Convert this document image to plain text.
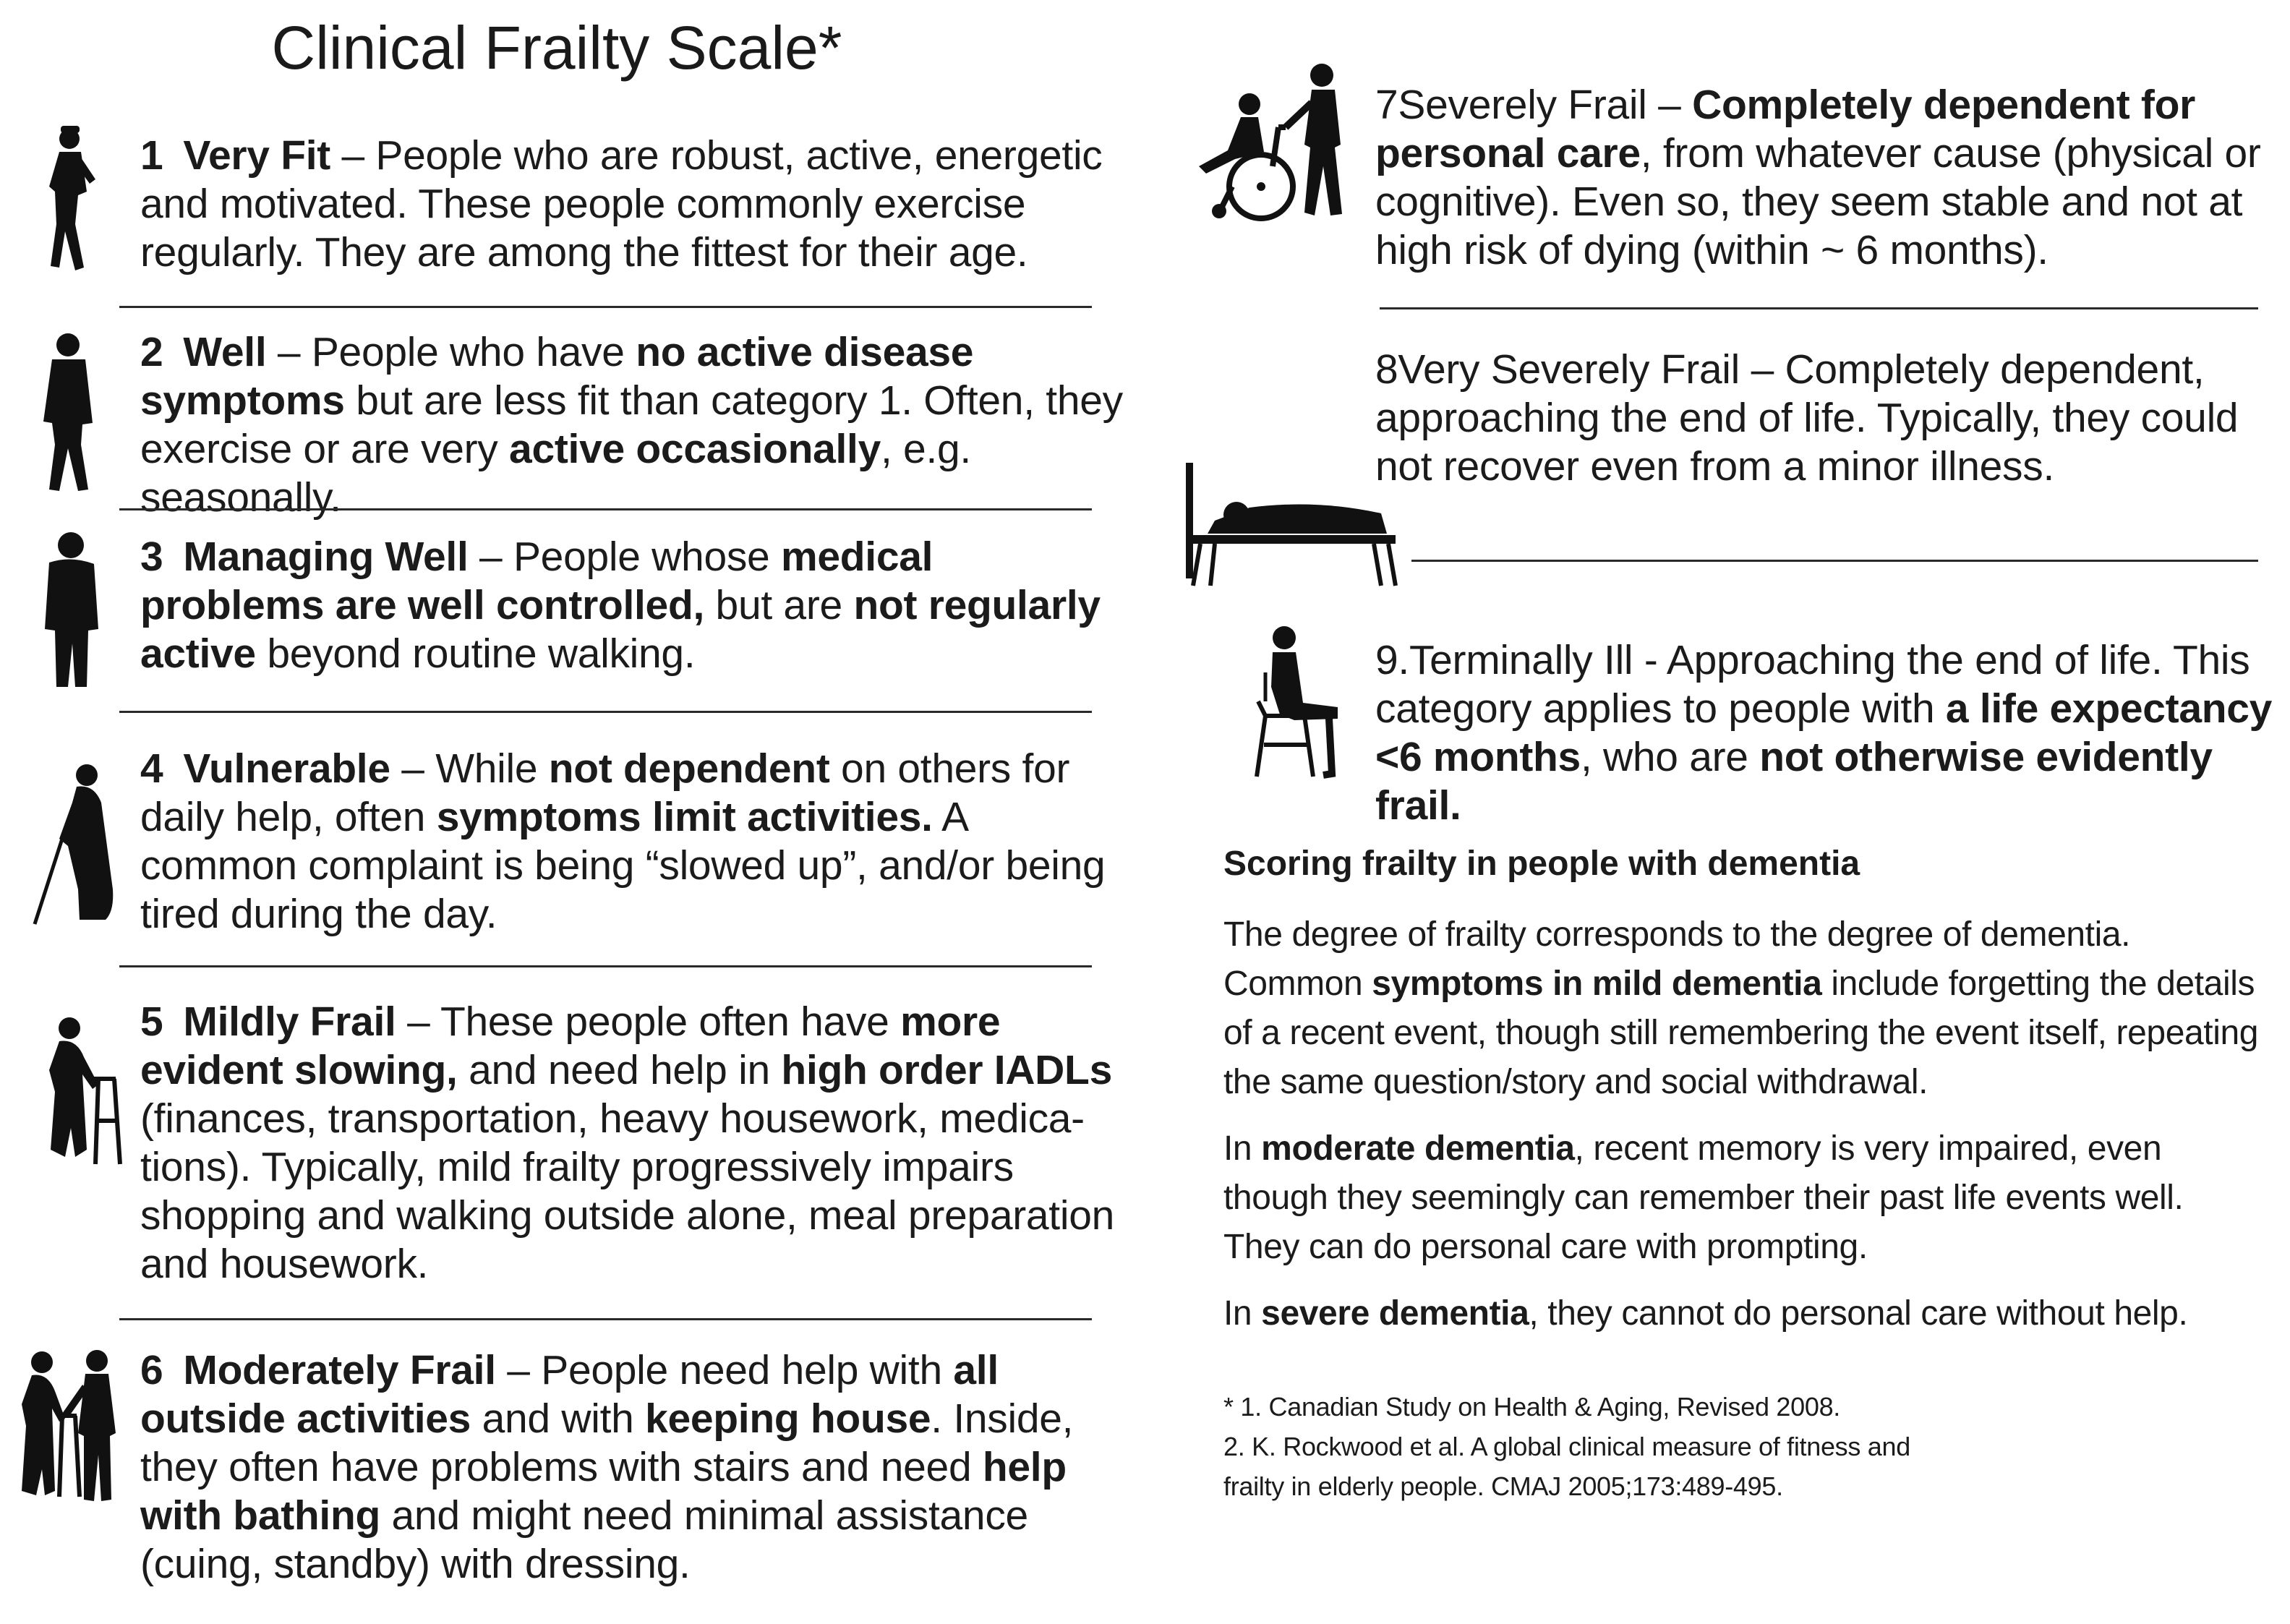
Clinical Frailty Scale*
1 Very Fit – People who are robust, active, energetic and motivated. These people commonly exercise regularly. They are among the fittest for their age.
2 Well – People who have no active disease symptoms but are less fit than category 1. Often, they exercise or are very active occasionally, e.g. seasonally.
3 Managing Well – People whose medical problems are well controlled, but are not regularly active beyond routine walking.
4 Vulnerable – While not dependent on others for daily help, often symptoms limit activities. A common complaint is being “slowed up”, and/or being tired during the day.
5 Mildly Frail – These people often have more evident slowing, and need help in high order IADLs (finances, transportation, heavy housework, medica-tions). Typically, mild frailty progressively impairs shopping and walking outside alone, meal preparation and housework.
6 Moderately Frail – People need help with all outside activities and with keeping house. Inside, they often have problems with stairs and need help with bathing and might need minimal assistance (cuing, standby) with dressing.
7Severely Frail – Completely dependent for personal care, from whatever cause (physical or cognitive). Even so, they seem stable and not at high risk of dying (within ~ 6 months).
8Very Severely Frail – Completely dependent, approaching the end of life. Typically, they could not recover even from a minor illness.
9.Terminally Ill - Approaching the end of life. This category applies to people with a life expectancy <6 months, who are not otherwise evidently frail.
Scoring frailty in people with dementia

The degree of frailty corresponds to the degree of dementia. Common symptoms in mild dementia include forgetting the details of a recent event, though still remembering the event itself, repeating the same question/story and social withdrawal.

In moderate dementia, recent memory is very impaired, even though they seemingly can remember their past life events well. They can do personal care with prompting.

In severe dementia, they cannot do personal care without help.

* 1. Canadian Study on Health & Aging, Revised 2008.
2. K. Rockwood et al. A global clinical measure of fitness and
frailty in elderly people. CMAJ 2005;173:489-495.
